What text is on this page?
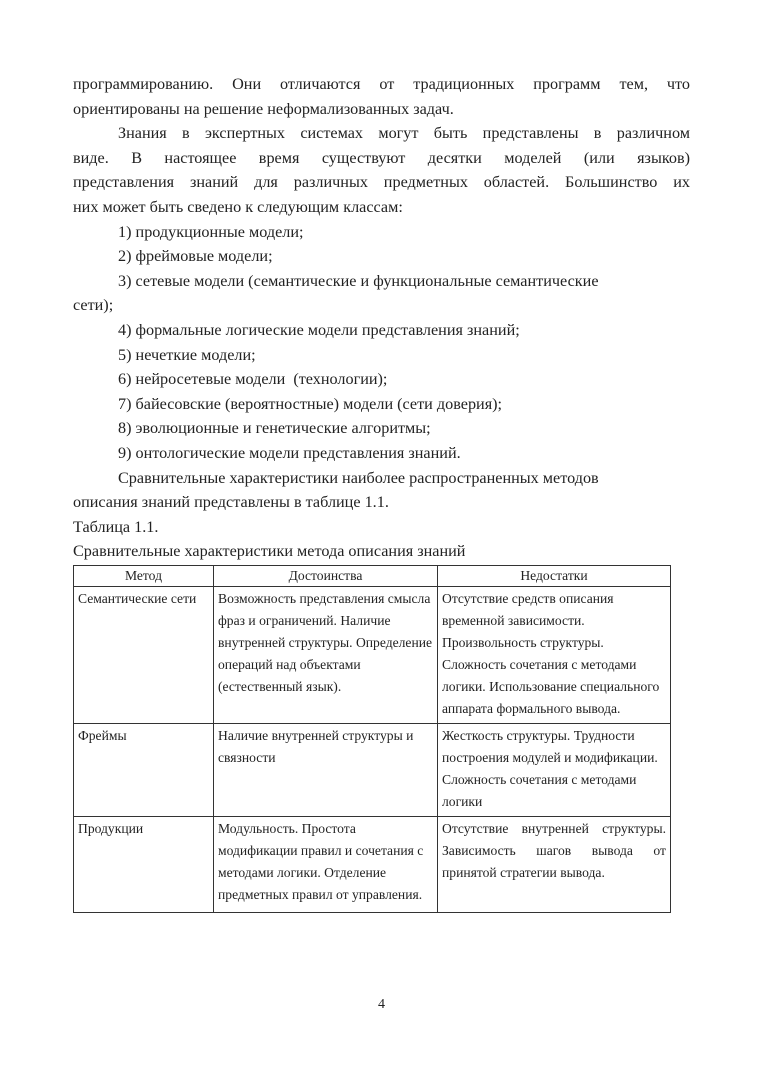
программированию. Они отличаются от традиционных программ тем, что

ориентированы на решение неформализованных задач.

Знания в экспертных системах могут быть представлены в различном

виде. В настоящее время существуют десятки моделей (или языков)

представления знаний для различных предметных областей. Большинство их

них может быть сведено к следующим классам:

1) продукционные модели;

2) фреймовые модели;

3) сетевые модели (семантические и функциональные семантические

сети);

4) формальные логические модели представления знаний;

5) нечеткие модели;

6) нейросетевые модели  (технологии);

7) байесовские (вероятностные) модели (сети доверия);

8) эволюционные и генетические алгоритмы;

9) онтологические модели представления знаний.

Сравнительные характеристики наиболее распространенных методов

описания знаний представлены в таблице 1.1.

Таблица 1.1.

Сравнительные характеристики метода описания знаний

Метод	Достоинства	Недостатки
Семантические сети	Возможность представления смысла фраз и ограничений. Наличие внутренней структуры. Определение операций над объектами (естественный язык).	Отсутствие средств описания временной зависимости. Произвольность структуры. Сложность сочетания с методами логики. Использование специального аппарата формального вывода.
Фреймы	Наличие внутренней структуры и связности	Жесткость структуры. Трудности построения модулей и модификации. Сложность сочетания с методами логики
Продукции	Модульность. Простота модификации правил и сочетания с методами логики. Отделение предметных правил от управления.	Отсутствие внутренней структуры. Зависимость шагов вывода от принятой стратегии вывода.
4
